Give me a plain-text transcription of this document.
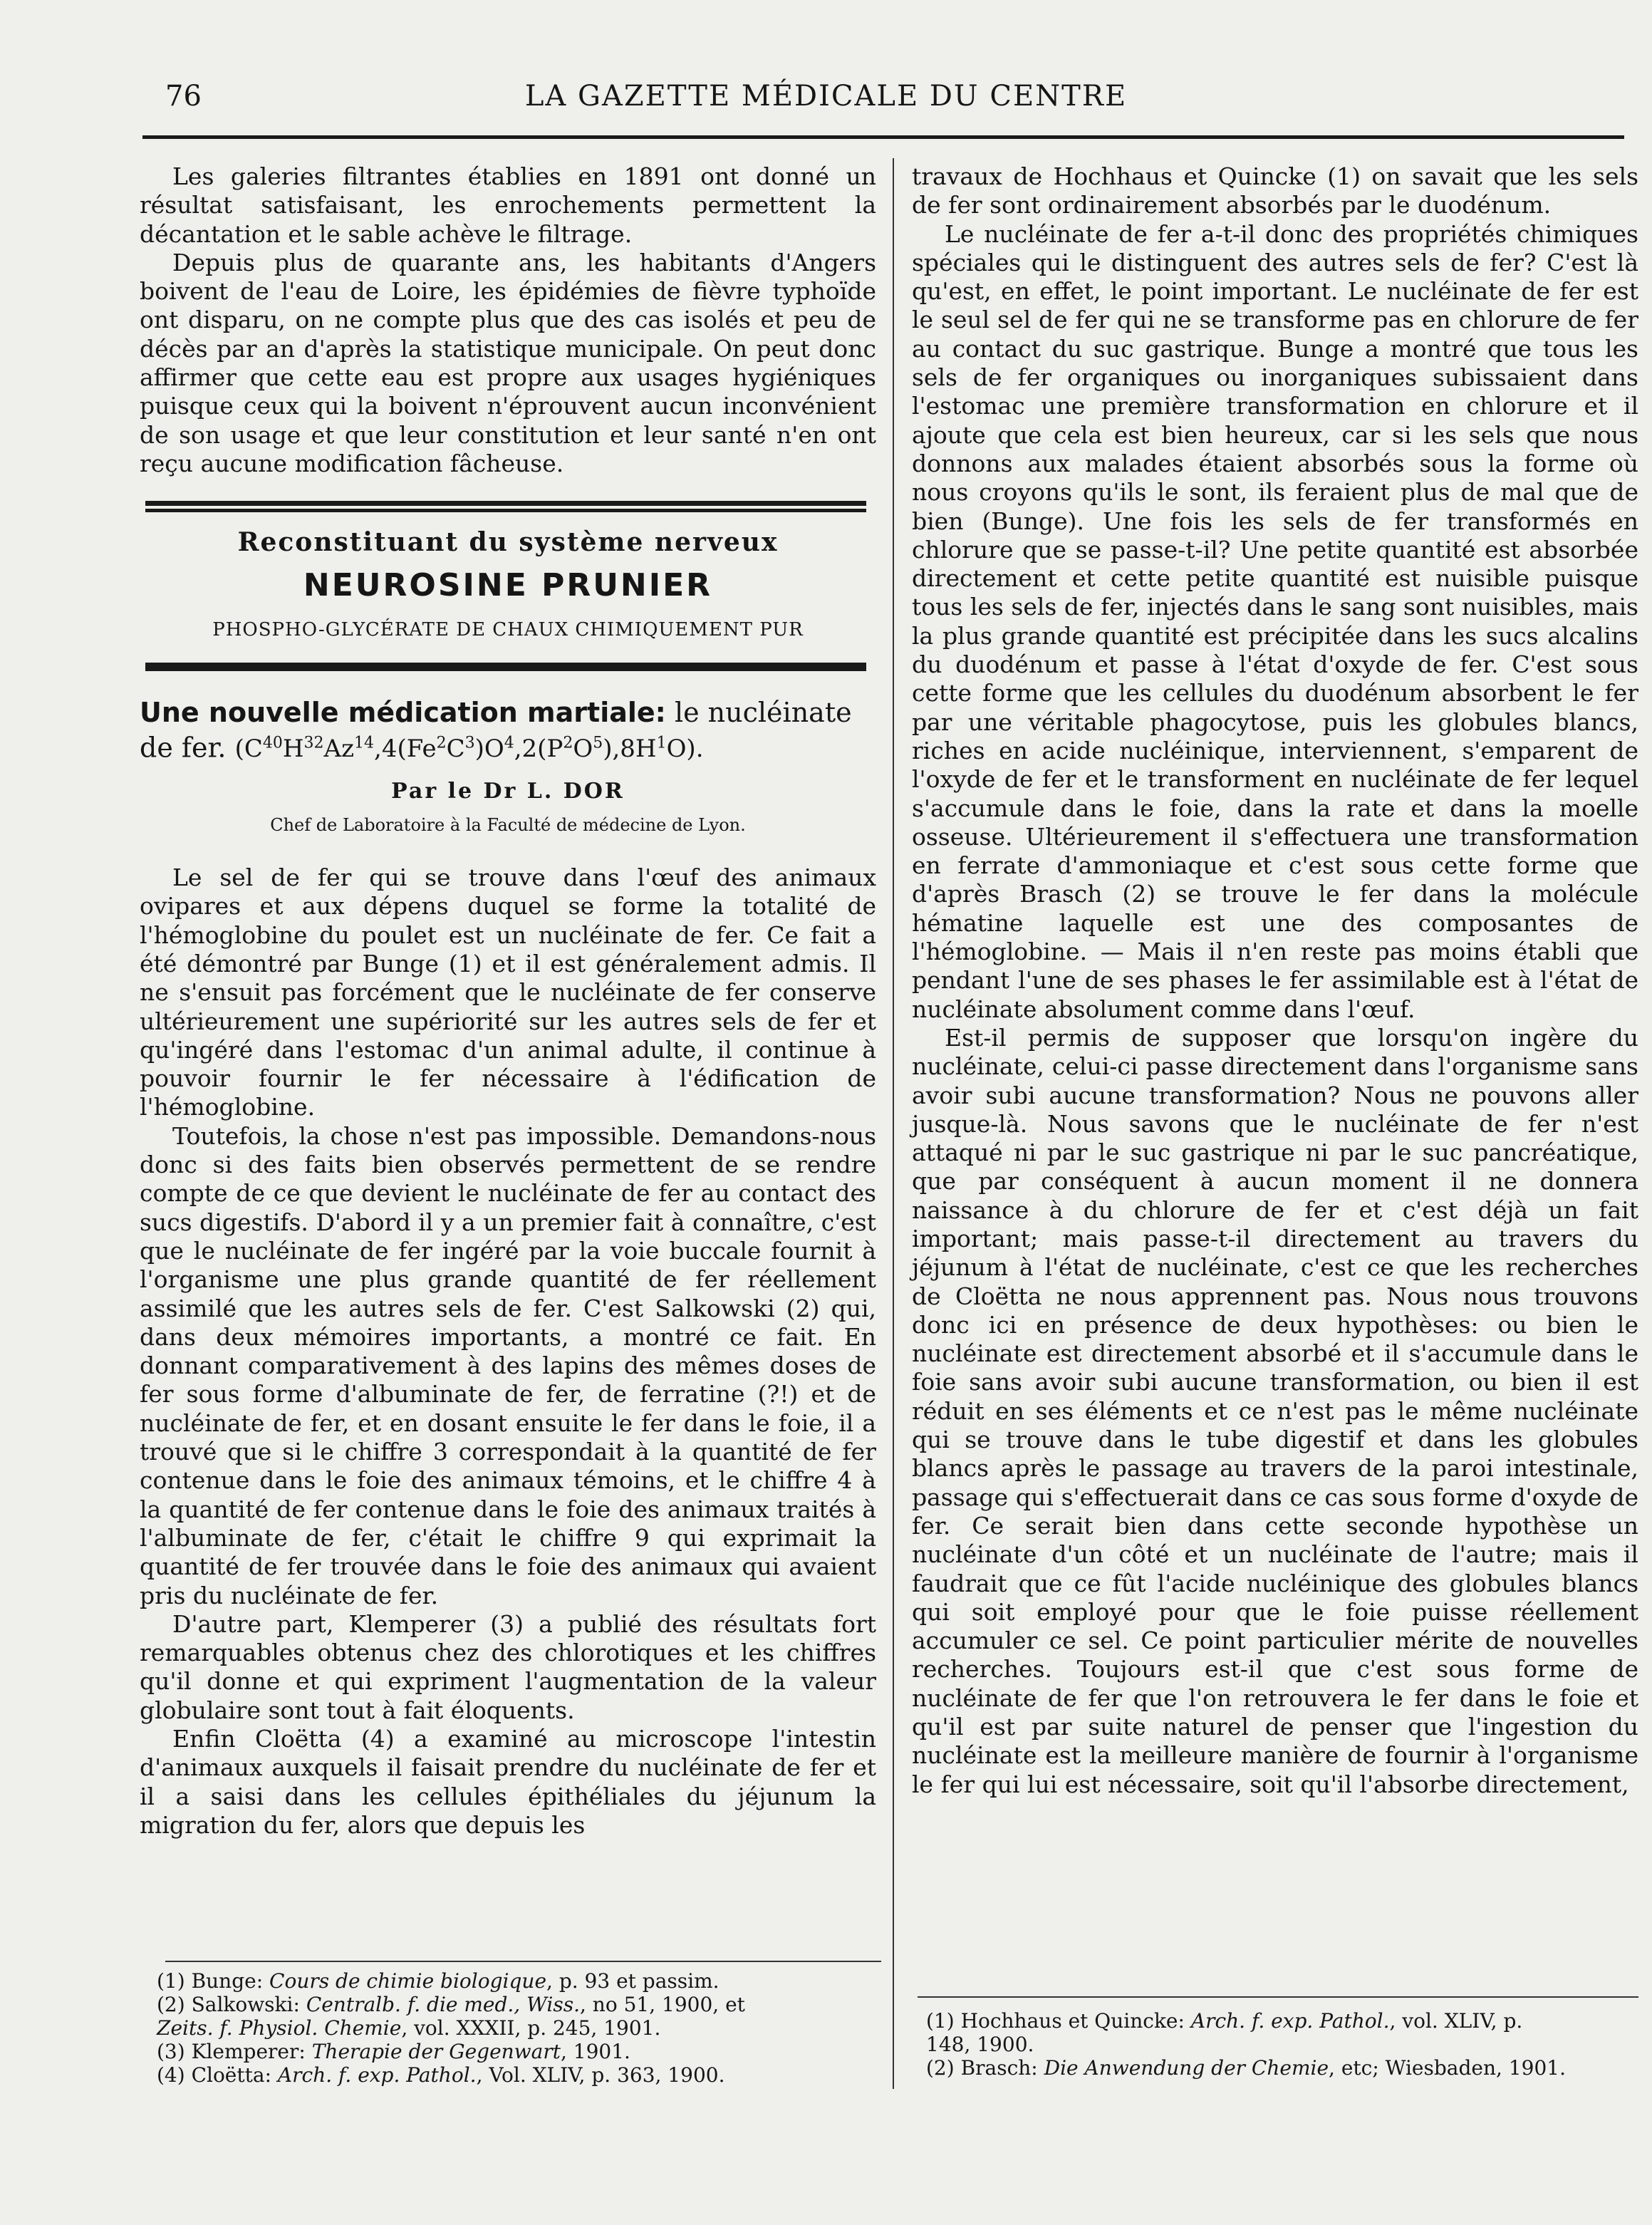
76	LA GAZETTE MÉDICALE DU CENTRE

Les galeries filtrantes établies en 1891 ont donné un résultat satisfaisant, les enrochements permettent la décantation et le sable achève le filtrage.

Depuis plus de quarante ans, les habitants d'Angers boivent de l'eau de Loire, les épidémies de fièvre typhoïde ont disparu, on ne compte plus que des cas isolés et peu de décès par an d'après la statistique municipale. On peut donc affirmer que cette eau est propre aux usages hygiéniques puisque ceux qui la boivent n'éprouvent aucun inconvénient de son usage et que leur constitution et leur santé n'en ont reçu aucune modification fâcheuse.

Reconstituant du système nerveux
NEUROSINE PRUNIER
PHOSPHO-GLYCÉRATE DE CHAUX CHIMIQUEMENT PUR
Une nouvelle médication martiale: le nucléinate de fer. $(C^{40}H^{32}Az^{14},4(Fe^2C^3)O^4,2(P^2O^5),8H^1O)$.
Par le Dr L. DOR
Chef de Laboratoire à la Faculté de médecine de Lyon.

Le sel de fer qui se trouve dans l'œuf des animaux ovipares et aux dépens duquel se forme la totalité de l'hémoglobine du poulet est un nucléinate de fer. Ce fait a été démontré par Bunge (1) et il est généralement admis. Il ne s'ensuit pas forcément que le nucléinate de fer conserve ultérieurement une supériorité sur les autres sels de fer et qu'ingéré dans l'estomac d'un animal adulte, il continue à pouvoir fournir le fer nécessaire à l'édification de l'hémoglobine.

Toutefois, la chose n'est pas impossible. Demandons-nous donc si des faits bien observés permettent de se rendre compte de ce que devient le nucléinate de fer au contact des sucs digestifs. D'abord il y a un premier fait à connaître, c'est que le nucléinate de fer ingéré par la voie buccale fournit à l'organisme une plus grande quantité de fer réellement assimilé que les autres sels de fer. C'est Salkowski (2) qui, dans deux mémoires importants, a montré ce fait. En donnant comparativement à des lapins des mêmes doses de fer sous forme d'albuminate de fer, de ferratine (?!) et de nucléinate de fer, et en dosant ensuite le fer dans le foie, il a trouvé que si le chiffre 3 correspondait à la quantité de fer contenue dans le foie des animaux témoins, et le chiffre 4 à la quantité de fer contenue dans le foie des animaux traités à l'albuminate de fer, c'était le chiffre 9 qui exprimait la quantité de fer trouvée dans le foie des animaux qui avaient pris du nucléinate de fer.

D'autre part, Klemperer (3) a publié des résultats fort remarquables obtenus chez des chlorotiques et les chiffres qu'il donne et qui expriment l'augmentation de la valeur globulaire sont tout à fait éloquents.

Enfin Cloëtta (4) a examiné au microscope l'intestin d'animaux auxquels il faisait prendre du nucléinate de fer et il a saisi dans les cellules épithéliales du jéjunum la migration du fer, alors que depuis les

travaux de Hochhaus et Quincke (1) on savait que les sels de fer sont ordinairement absorbés par le duodénum.

Le nucléinate de fer a-t-il donc des propriétés chimiques spéciales qui le distinguent des autres sels de fer? C'est là qu'est, en effet, le point important. Le nucléinate de fer est le seul sel de fer qui ne se transforme pas en chlorure de fer au contact du suc gastrique. Bunge a montré que tous les sels de fer organiques ou inorganiques subissaient dans l'estomac une première transformation en chlorure et il ajoute que cela est bien heureux, car si les sels que nous donnons aux malades étaient absorbés sous la forme où nous croyons qu'ils le sont, ils feraient plus de mal que de bien (Bunge). Une fois les sels de fer transformés en chlorure que se passe-t-il? Une petite quantité est absorbée directement et cette petite quantité est nuisible puisque tous les sels de fer, injectés dans le sang sont nuisibles, mais la plus grande quantité est précipitée dans les sucs alcalins du duodénum et passe à l'état d'oxyde de fer. C'est sous cette forme que les cellules du duodénum absorbent le fer par une véritable phagocytose, puis les globules blancs, riches en acide nucléinique, interviennent, s'emparent de l'oxyde de fer et le transforment en nucléinate de fer lequel s'accumule dans le foie, dans la rate et dans la moelle osseuse. Ultérieurement il s'effectuera une transformation en ferrate d'ammoniaque et c'est sous cette forme que d'après Brasch (2) se trouve le fer dans la molécule hématine laquelle est une des composantes de l'hémoglobine. — Mais il n'en reste pas moins établi que pendant l'une de ses phases le fer assimilable est à l'état de nucléinate absolument comme dans l'œuf.

Est-il permis de supposer que lorsqu'on ingère du nucléinate, celui-ci passe directement dans l'organisme sans avoir subi aucune transformation? Nous ne pouvons aller jusque-là. Nous savons que le nucléinate de fer n'est attaqué ni par le suc gastrique ni par le suc pancréatique, que par conséquent à aucun moment il ne donnera naissance à du chlorure de fer et c'est déjà un fait important; mais passe-t-il directement au travers du jéjunum à l'état de nucléinate, c'est ce que les recherches de Cloëtta ne nous apprennent pas. Nous nous trouvons donc ici en présence de deux hypothèses: ou bien le nucléinate est directement absorbé et il s'accumule dans le foie sans avoir subi aucune transformation, ou bien il est réduit en ses éléments et ce n'est pas le même nucléinate qui se trouve dans le tube digestif et dans les globules blancs après le passage au travers de la paroi intestinale, passage qui s'effectuerait dans ce cas sous forme d'oxyde de fer. Ce serait bien dans cette seconde hypothèse un nucléinate d'un côté et un nucléinate de l'autre; mais il faudrait que ce fût l'acide nucléinique des globules blancs qui soit employé pour que le foie puisse réellement accumuler ce sel. Ce point particulier mérite de nouvelles recherches. Toujours est-il que c'est sous forme de nucléinate de fer que l'on retrouvera le fer dans le foie et qu'il est par suite naturel de penser que l'ingestion du nucléinate est la meilleure manière de fournir à l'organisme le fer qui lui est nécessaire, soit qu'il l'absorbe directement,

(1) Bunge: Cours de chimie biologique, p. 93 et passim.
(2) Salkowski: Centralb. f. die med., Wiss., no 51, 1900, et
Zeits. f. Physiol. Chemie, vol. XXXII, p. 245, 1901.
(3) Klemperer: Therapie der Gegenwart, 1901.
(4) Cloëtta: Arch. f. exp. Pathol., Vol. XLIV, p. 363, 1900.
(1) Hochhaus et Quincke: Arch. f. exp. Pathol., vol. XLIV, p.
148, 1900.
(2) Brasch: Die Anwendung der Chemie, etc; Wiesbaden, 1901.
